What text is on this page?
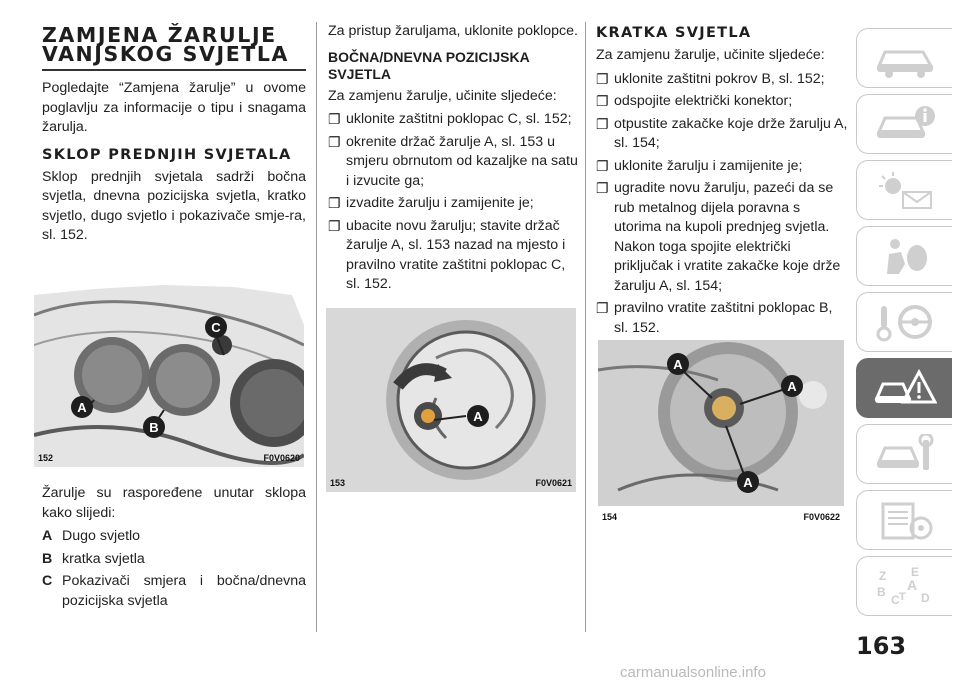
ZAMJENA ŽARULJE VANJSKOG SVJETLA

Pogledajte “Zamjena žarulje” u ovome poglavlju za informacije o tipu i snagama žarulja.

SKLOP PREDNJIH SVJETALA

Sklop prednjih svjetala sadrži bočna svjetla, dnevna pozicijska svjetla, kratko svjetlo, dugo svjetlo i pokazivače smje-ra, sl. 152.

A
B
C
152	F0V0620

Žarulje su raspoređene unutar sklopa kako slijedi:

A Dugo svjetlo
B kratka svjetla
C Pokazivači smjera i bočna/dnevna pozicijska svjetla

Za pristup žaruljama, uklonite poklopce.

BOČNA/DNEVNA POZICIJSKA SVJETLA

Za zamjenu žarulje, učinite sljedeće:

❐ uklonite zaštitni poklopac C, sl. 152;
❐ okrenite držač žarulje A, sl. 153 u smjeru obrnutom od kazaljke na satu i izvucite ga;
❐ izvadite žarulju i zamijenite je;
❐ ubacite novu žarulju; stavite držač žarulje A, sl. 153 nazad na mjesto i pravilno vratite zaštitni poklopac C, sl. 152.
A
153	F0V0621
KRATKA SVJETLA

Za zamjenu žarulje, učinite sljedeće:

❐ uklonite zaštitni pokrov B, sl. 152;
❐ odspojite električki konektor;
❐ otpustite zakačke koje drže žarulju A, sl. 154;
❐ uklonite žarulju i zamijenite je;
❐ ugradite novu žarulju, pazeći da se rub metalnog dijela poravna s utorima na kupoli prednjeg svjetla. Nakon toga spojite električki priključak i vratite zakačke koje drže žarulju A, sl. 154;
❐ pravilno vratite zaštitni poklopac B, sl. 152.
A
A
A
154	F0V0622
Z E
A
B
C D
T
163
carmanualsonline.info
